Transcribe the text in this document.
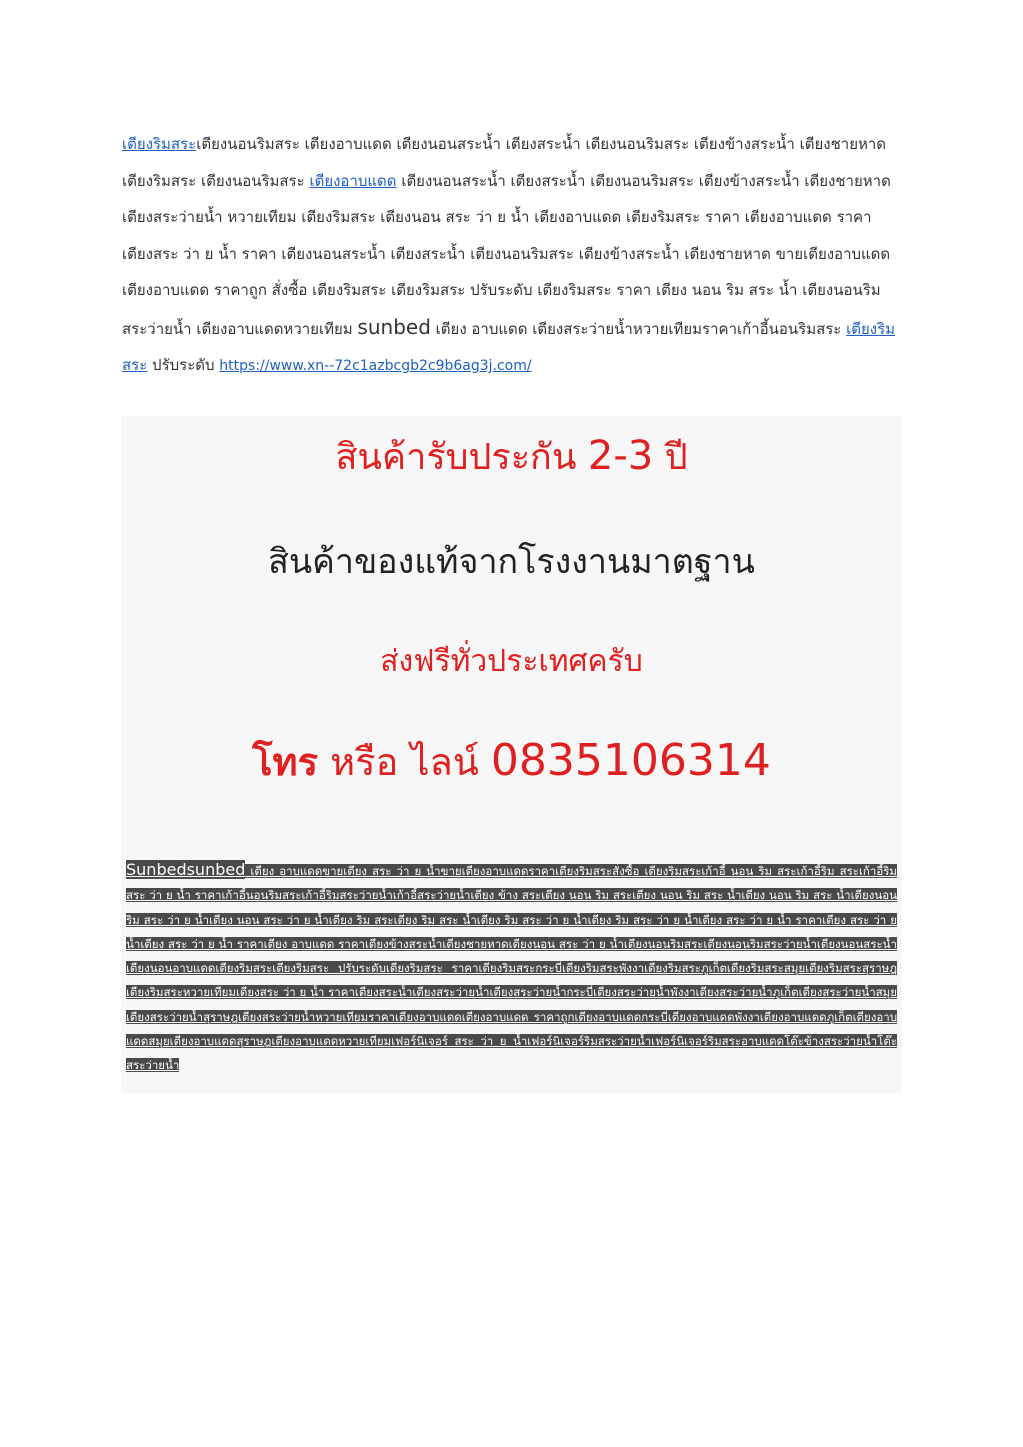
เตียงริมสระเตียงนอนริมสระ เตียงอาบแดด เตียงนอนสระน้ำ เตียงสระน้ำ เตียงนอนริมสระ เตียงข้างสระน้ำ เตียงชายหาด เตียงริมสระ เตียงนอนริมสระ เตียงอาบแดด เตียงนอนสระน้ำ เตียงสระน้ำ เตียงนอนริมสระ เตียงข้างสระน้ำ เตียงชายหาด เตียงสระว่ายน้ำ หวายเทียม เตียงริมสระ เตียงนอน สระ ว่า ย น้ำ เตียงอาบแดด เตียงริมสระ ราคา เตียงอาบแดด ราคา เตียงสระ ว่า ย น้ำ ราคา เตียงนอนสระน้ำ เตียงสระน้ำ เตียงนอนริมสระ เตียงข้างสระน้ำ เตียงชายหาด ขายเตียงอาบแดด เตียงอาบแดด ราคาถูก สั่งซื้อ เตียงริมสระ เตียงริมสระ ปรับระดับ เตียงริมสระ ราคา เตียง นอน ริม สระ น้ำ เตียงนอนริมสระว่ายน้ำ เตียงอาบแดดหวายเทียม sunbed เตียง อาบแดด เตียงสระว่ายน้ำหวายเทียมราคาเก้าอี้นอนริมสระ เตียงริมสระ ปรับระดับ https://www.xn--72c1azbcgb2c9b6ag3j.com/
สินค้ารับประกัน 2-3 ปี
สินค้าของแท้จากโรงงานมาตฐาน
ส่งฟรีทั่วประเทศครับ
โทร หรือ ไลน์ 0835106314
Sunbedsunbed เตียง อาบแดดขายเตียง สระ ว่า ย น้ำขายเตียงอาบแดดราคาเตียงริมสระสั่งซื้อ เตียงริมสระเก้าอี้ นอน ริม สระเก้าอี้ริม สระเก้าอี้ริม สระ ว่า ย น้ำ ราคาเก้าอี้นอนริมสระเก้าอี้ริมสระว่ายน้ำเก้าอี้สระว่ายน้ำเตียง ข้าง สระเตียง นอน ริม สระเตียง นอน ริม สระ น้ำเตียง นอน ริม สระ น้ำเตียงนอน ริม สระ ว่า ย น้ำเตียง นอน สระ ว่า ย น้ำเตียง ริม สระเตียง ริม สระ น้ำเตียง ริม สระ ว่า ย น้ำเตียง ริม สระ ว่า ย น้ำเตียง สระ ว่า ย น้ำ ราคาเตียง สระ ว่า ย น้ำเตียง สระ ว่า ย น้ำ ราคาเตียง อาบแดด ราคาเตียงข้างสระน้ำเตียงชายหาดเตียงนอน สระ ว่า ย น้ำเตียงนอนริมสระเตียงนอนริมสระว่ายน้ำเตียงนอนสระน้ำเตียงนอนอาบแดดเตียงริมสระเตียงริมสระ ปรับระดับเตียงริมสระ ราคาเตียงริมสระกระบี่เตียงริมสระพังงาเตียงริมสระภูเก็ตเตียงริมสระสมุยเตียงริมสระสุราษฎเตียงริมสระหวายเทียมเตียงสระ ว่า ย น้ำ ราคาเตียงสระน้ำเตียงสระว่ายน้ำเตียงสระว่ายน้ำกระบี่เตียงสระว่ายน้ำพังงาเตียงสระว่ายน้ำภูเก็ตเตียงสระว่ายน้ำสมุยเตียงสระว่ายน้ำสุราษฎเตียงสระว่ายน้ำหวายเทียมราคาเตียงอาบแดดเตียงอาบแดด ราคาถูกเตียงอาบแดดกระบี่เตียงอาบแดดพังงาเตียงอาบแดดภูเก็ตเตียงอาบแดดสมุยเตียงอาบแดดสุราษฎเตียงอาบแดดหวายเทียมเฟอร์นิเจอร์ สระ ว่า ย น้ำเฟอร์นิเจอร์ริมสระว่ายน้ำเฟอร์นิเจอร์ริมสระอาบแดดโต๊ะข้างสระว่ายน้ำโต๊ะสระว่ายน้ำ
